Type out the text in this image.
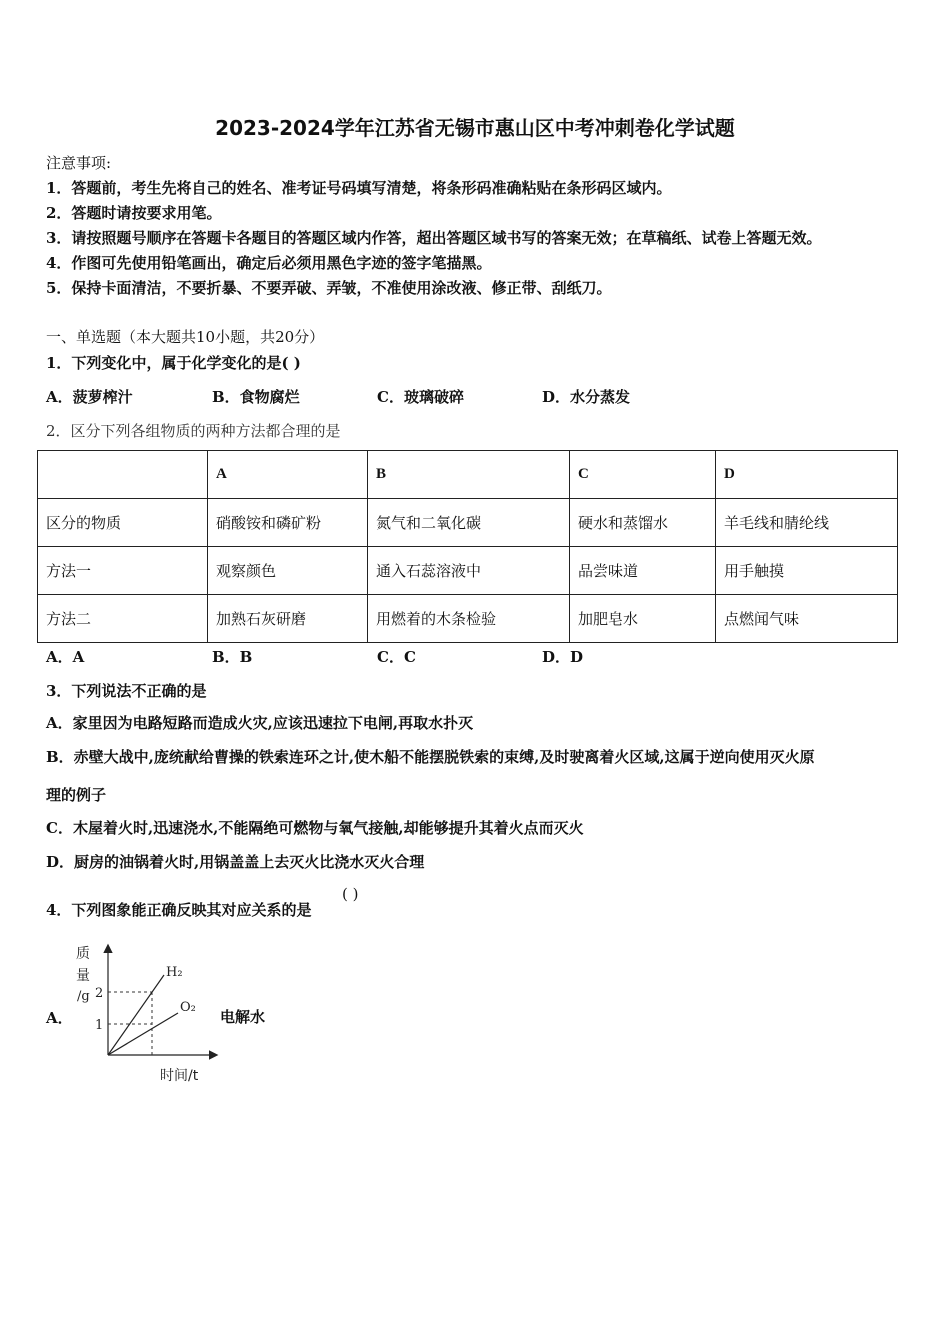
2023-2024学年江苏省无锡市惠山区中考冲刺卷化学试题
注意事项:
1．答题前，考生先将自己的姓名、准考证号码填写清楚，将条形码准确粘贴在条形码区域内。
2．答题时请按要求用笔。
3．请按照题号顺序在答题卡各题目的答题区域内作答，超出答题区域书写的答案无效；在草稿纸、试卷上答题无效。
4．作图可先使用铅笔画出，确定后必须用黑色字迹的签字笔描黑。
5．保持卡面清洁，不要折暴、不要弄破、弄皱，不准使用涂改液、修正带、刮纸刀。
一、单选题（本大题共10小题，共20分）
1．下列变化中，属于化学变化的是( )
A．菠萝榨汁	B．食物腐烂	C．玻璃破碎	D．水分蒸发
2．区分下列各组物质的两种方法都合理的是
	A	B	C	D
区分的物质	硝酸铵和磷矿粉	氮气和二氧化碳	硬水和蒸馏水	羊毛线和腈纶线
方法一	观察颜色	通入石蕊溶液中	品尝味道	用手触摸
方法二	加熟石灰研磨	用燃着的木条检验	加肥皂水	点燃闻气味
A．A	B．B	C．C	D．D
3．下列说法不正确的是
A．家里因为电路短路而造成火灾,应该迅速拉下电闸,再取水扑灭
B．赤壁大战中,庞统献给曹操的铁索连环之计,使木船不能摆脱铁索的束缚,及时驶离着火区域,这属于逆向使用灭火原
理的例子
C．木屋着火时,迅速浇水,不能隔绝可燃物与氧气接触,却能够提升其着火点而灭火
D．厨房的油锅着火时,用锅盖盖上去灭火比浇水灭火合理
4．下列图象能正确反映其对应关系的是
( )
A．	电解水
质
量
/g 2
1
H₂
O₂
时间/t
